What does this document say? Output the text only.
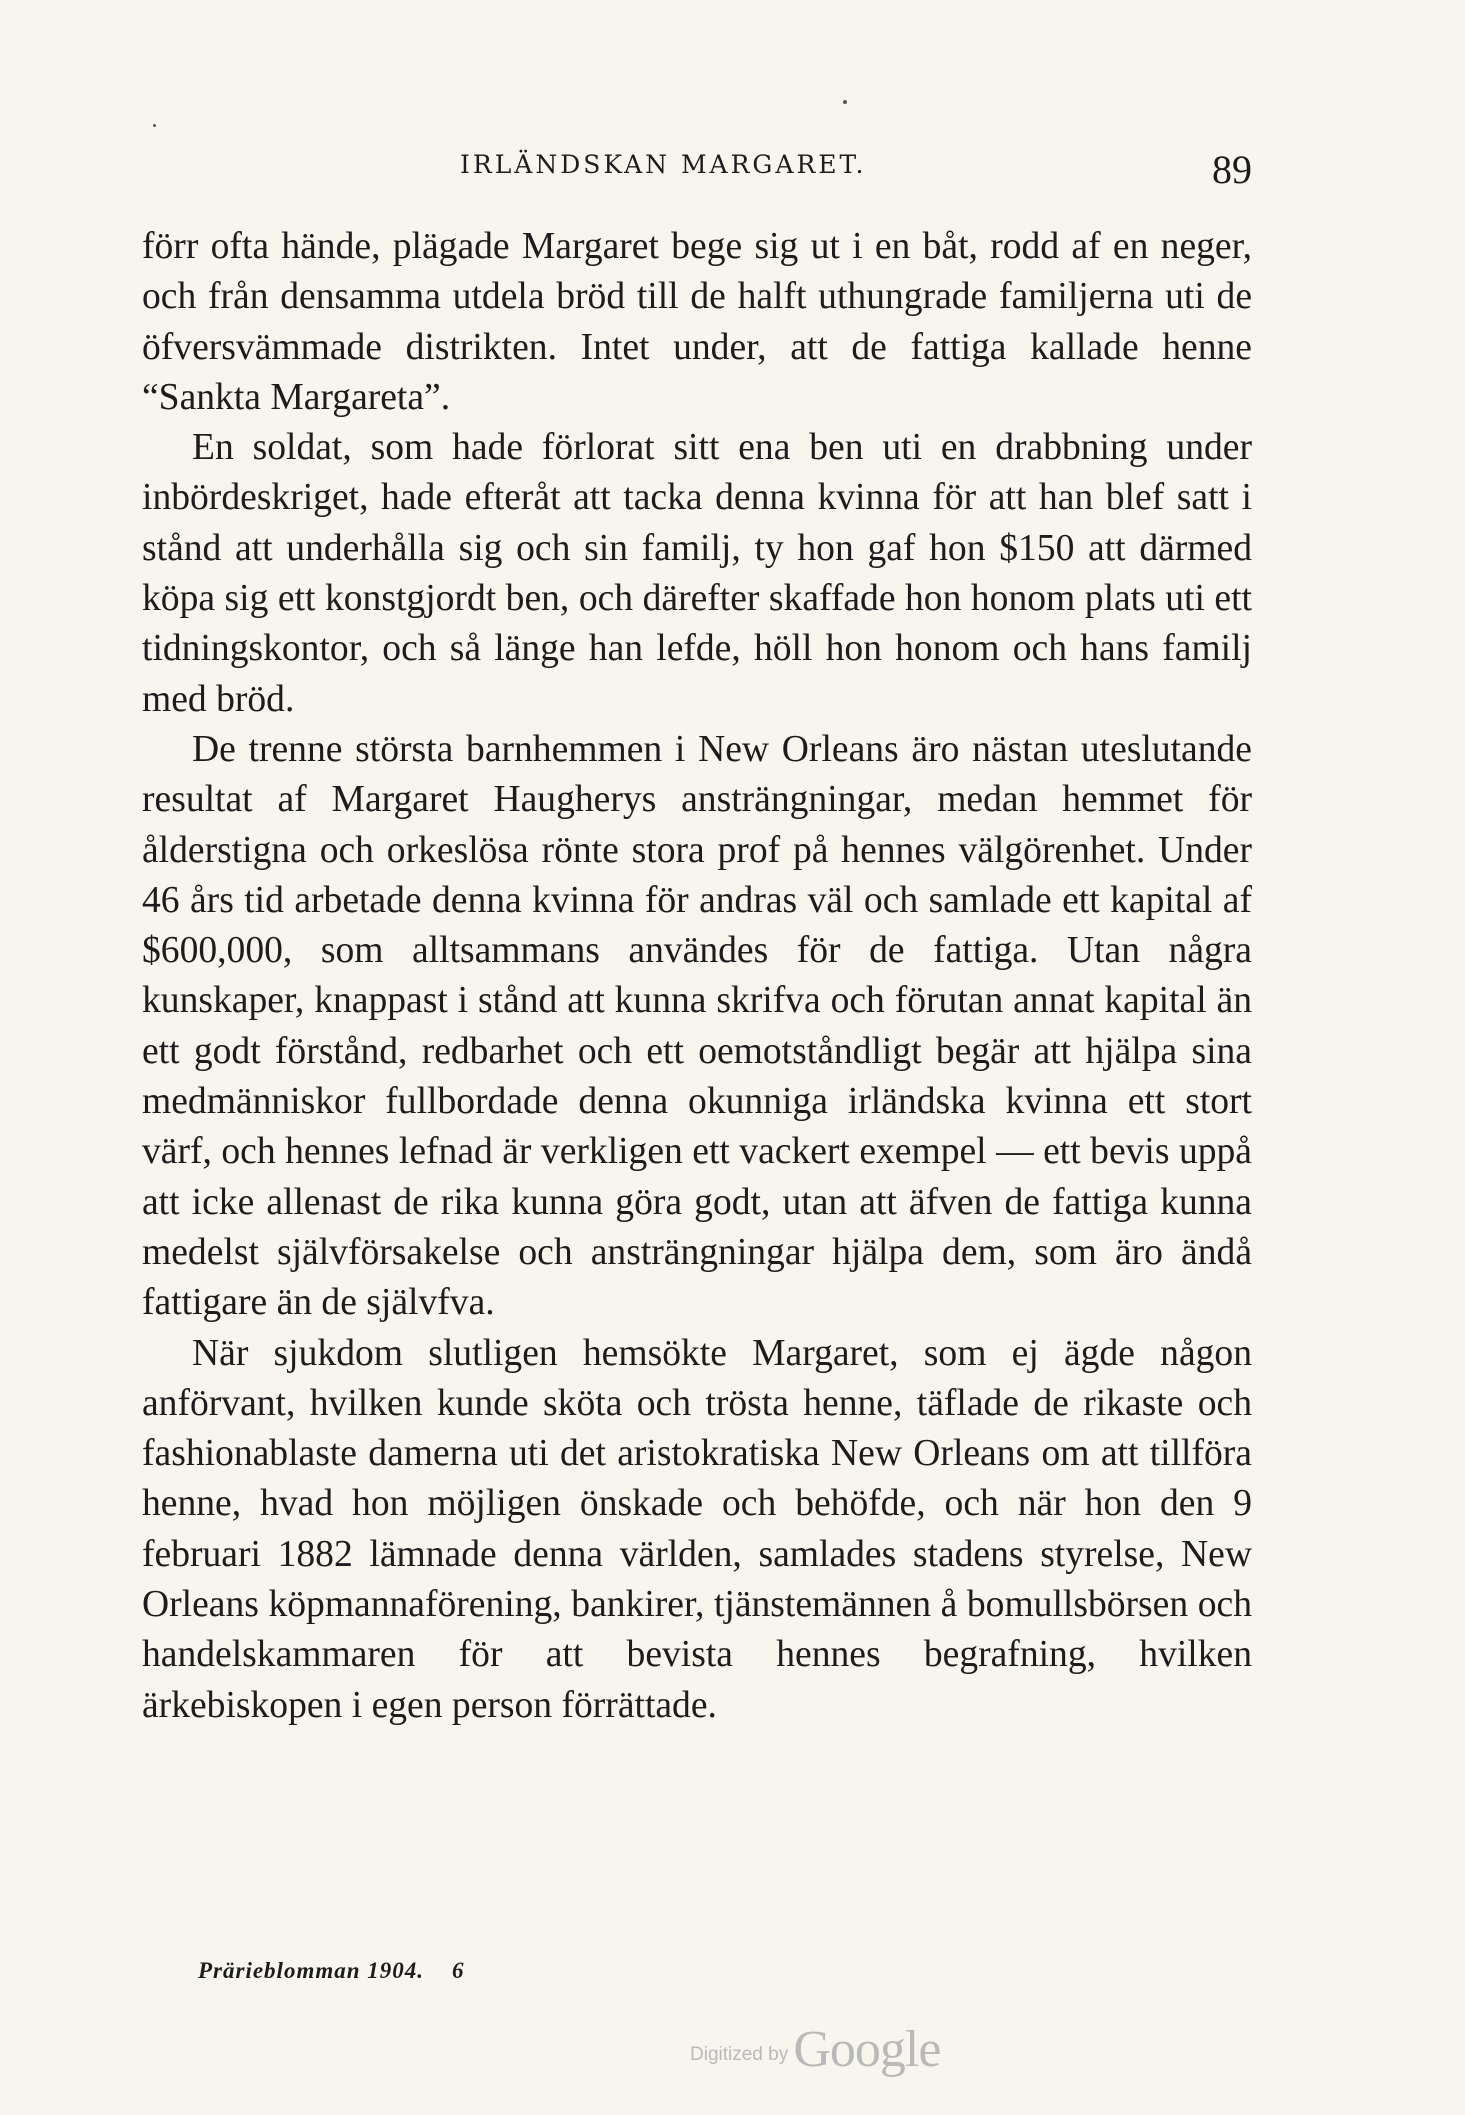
IRLÄNDSKAN MARGARET.	89

förr ofta hände, plägade Margaret bege sig ut i en båt, rodd af en neger, och från densamma utdela bröd till de halft uthungrade familjerna uti de öfversvämmade distrikten. Intet under, att de fattiga kallade henne “Sankta Margareta”.

En soldat, som hade förlorat sitt ena ben uti en drabbning under inbördeskriget, hade efteråt att tacka denna kvinna för att han blef satt i stånd att underhålla sig och sin familj, ty hon gaf hon $150 att därmed köpa sig ett konstgjordt ben, och därefter skaffade hon honom plats uti ett tidningskontor, och så länge han lefde, höll hon honom och hans familj med bröd.

De trenne största barnhemmen i New Orleans äro nästan uteslutande resultat af Margaret Haugherys ansträngningar, medan hemmet för ålderstigna och orkeslösa rönte stora prof på hennes välgörenhet. Under 46 års tid arbetade denna kvinna för andras väl och samlade ett kapital af $600,000, som alltsammans användes för de fattiga. Utan några kunskaper, knappast i stånd att kunna skrifva och förutan annat kapital än ett godt förstånd, redbarhet och ett oemotståndligt begär att hjälpa sina medmänniskor fullbordade denna okunniga irländska kvinna ett stort värf, och hennes lefnad är verkligen ett vackert exempel — ett bevis uppå att icke allenast de rika kunna göra godt, utan att äfven de fattiga kunna medelst självförsakelse och ansträngningar hjälpa dem, som äro ändå fattigare än de självfva.

När sjukdom slutligen hemsökte Margaret, som ej ägde någon anförvant, hvilken kunde sköta och trösta henne, täflade de rikaste och fashionablaste damerna uti det aristokratiska New Orleans om att tillföra henne, hvad hon möjligen önskade och behöfde, och när hon den 9 februari 1882 lämnade denna världen, samlades stadens styrelse, New Orleans köpmannaförening, bankirer, tjänstemännen å bomullsbörsen och handelskammaren för att bevista hennes begrafning, hvilken ärkebiskopen i egen person förrättade.

Prärieblomman 1904. 6
Digitized by Google
